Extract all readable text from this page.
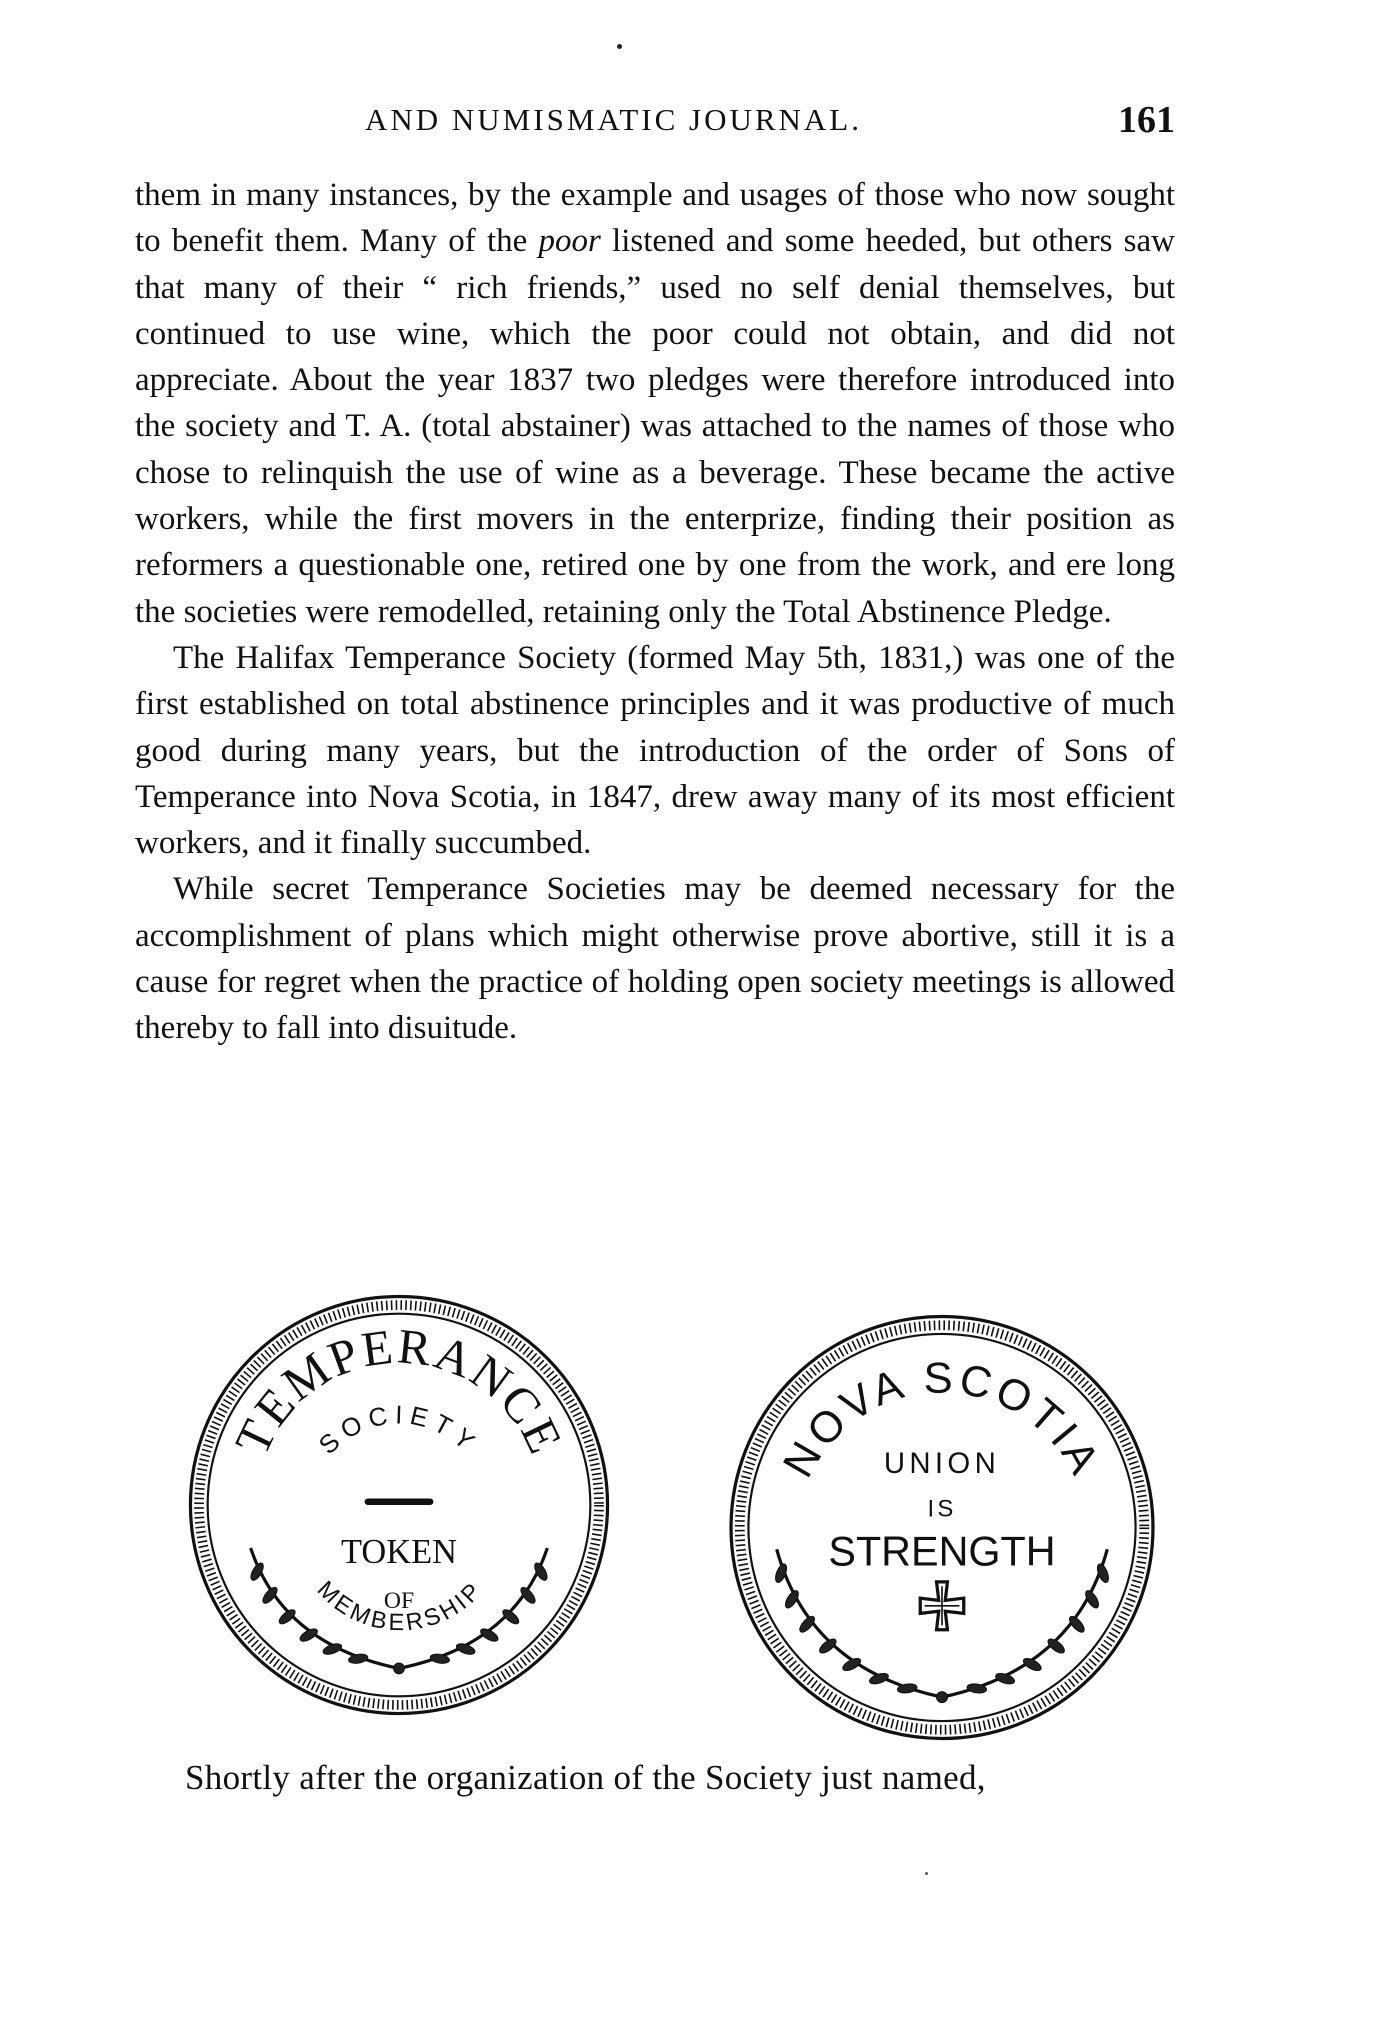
AND NUMISMATIC JOURNAL.	161

them in many instances, by the example and usages of those who now sought to benefit them. Many of the poor listened and some heeded, but others saw that many of their “ rich friends,” used no self denial themselves, but continued to use wine, which the poor could not obtain, and did not appreciate. About the year 1837 two pledges were therefore introduced into the society and T. A. (total abstainer) was attached to the names of those who chose to relinquish the use of wine as a beverage. These became the active workers, while the first movers in the enterprize, finding their position as reformers a questionable one, retired one by one from the work, and ere long the societies were remodelled, retaining only the Total Abstinence Pledge.

The Halifax Temperance Society (formed May 5th, 1831,) was one of the first established on total abstinence principles and it was productive of much good during many years, but the introduction of the order of Sons of Temperance into Nova Scotia, in 1847, drew away many of its most efficient workers, and it finally succumbed.

While secret Temperance Societies may be deemed necessary for the accomplishment of plans which might otherwise prove abortive, still it is a cause for regret when the practice of holding open society meetings is allowed thereby to fall into disuitude.

TEMPERANCE
SOCIETY
TOKEN
OF
MEMBERSHIP
NOVA SCOTIA
UNION
IS
STRENGTH
Shortly after the organization of the Society just named,
